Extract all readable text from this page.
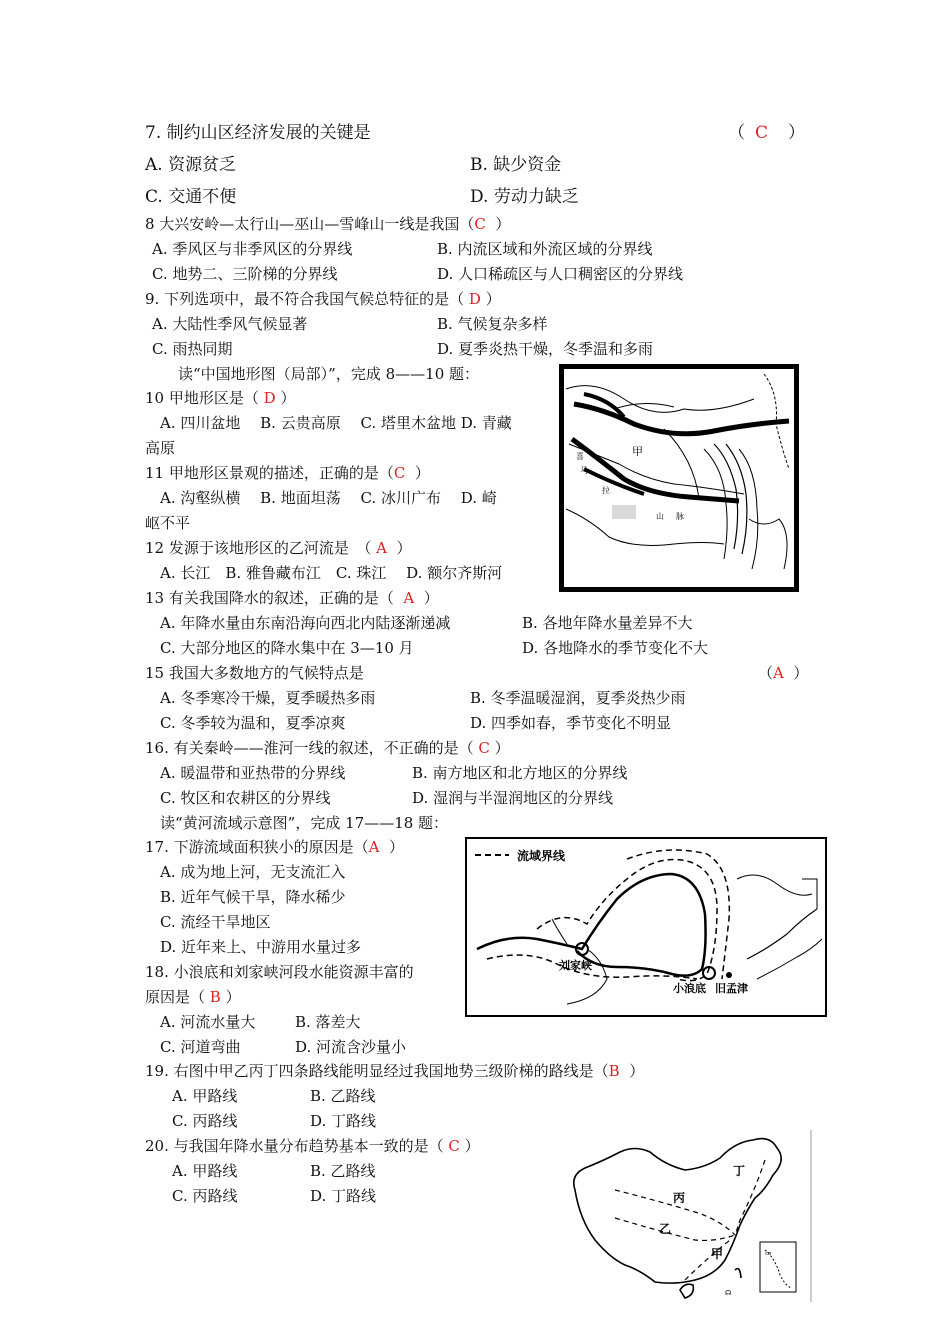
7. 制约山区经济发展的关键是	（ C ）
A. 资源贫乏	B. 缺少资金
C. 交通不便	D. 劳动力缺乏
8 大兴安岭—太行山—巫山—雪峰山一线是我国（C ）
A. 季风区与非季风区的分界线	B. 内流区域和外流区域的分界线
C. 地势二、三阶梯的分界线	D. 人口稀疏区与人口稠密区的分界线
9. 下列选项中，最不符合我国气候总特征的是（ D ）
A. 大陆性季风气候显著	B. 气候复杂多样
C. 雨热同期	D. 夏季炎热干燥，冬季温和多雨
读“中国地形图（局部）”，完成 8——10 题：
10 甲地形区是（ D ）
A. 四川盆地　 B. 云贵高原　 C. 塔里木盆地 D. 青藏
高原
11 甲地形区景观的描述，正确的是（C ）
A. 沟壑纵横　 B. 地面坦荡　 C. 冰川广布　 D. 崎
岖不平
12 发源于该地形区的乙河流是　（ A ）
A. 长江　B. 雅鲁藏布江　C. 珠江　 D. 额尔齐斯河
甲
喜
马
拉
雅	山 脉
13 有关我国降水的叙述，正确的是（ A ）
A. 年降水量由东南沿海向西北内陆逐渐递减	B. 各地年降水量差异不大
C. 大部分地区的降水集中在 3—10 月	D. 各地降水的季节变化不大
15 我国大多数地方的气候特点是	（A ）
A. 冬季寒冷干燥，夏季暖热多雨	B. 冬季温暖湿润，夏季炎热少雨
C. 冬季较为温和，夏季凉爽	D. 四季如春，季节变化不明显
16. 有关秦岭——淮河一线的叙述，不正确的是（ C ）
A. 暖温带和亚热带的分界线	B. 南方地区和北方地区的分界线
C. 牧区和农耕区的分界线	D. 湿润与半湿润地区的分界线
读“黄河流域示意图”，完成 17——18 题：
17. 下游流域面积狭小的原因是（A ）
A. 成为地上河，无支流汇入
B. 近年气候干旱，降水稀少
C. 流经干旱地区
D. 近年来上、中游用水量过多
18. 小浪底和刘家峡河段水能资源丰富的
原因是（ B ）
A. 河流水量大	B. 落差大
C. 河道弯曲	D. 河流含沙量小
流域界线
刘家峡
小浪底 旧孟津
19. 右图中甲乙丙丁四条路线能明显经过我国地势三级阶梯的路线是（B ）
A. 甲路线	B. 乙路线
C. 丙路线	D. 丁路线
20. 与我国年降水量分布趋势基本一致的是（ C ）
A. 甲路线	B. 乙路线
C. 丙路线	D. 丁路线
▭
☊
丁
丙
乙
甲
